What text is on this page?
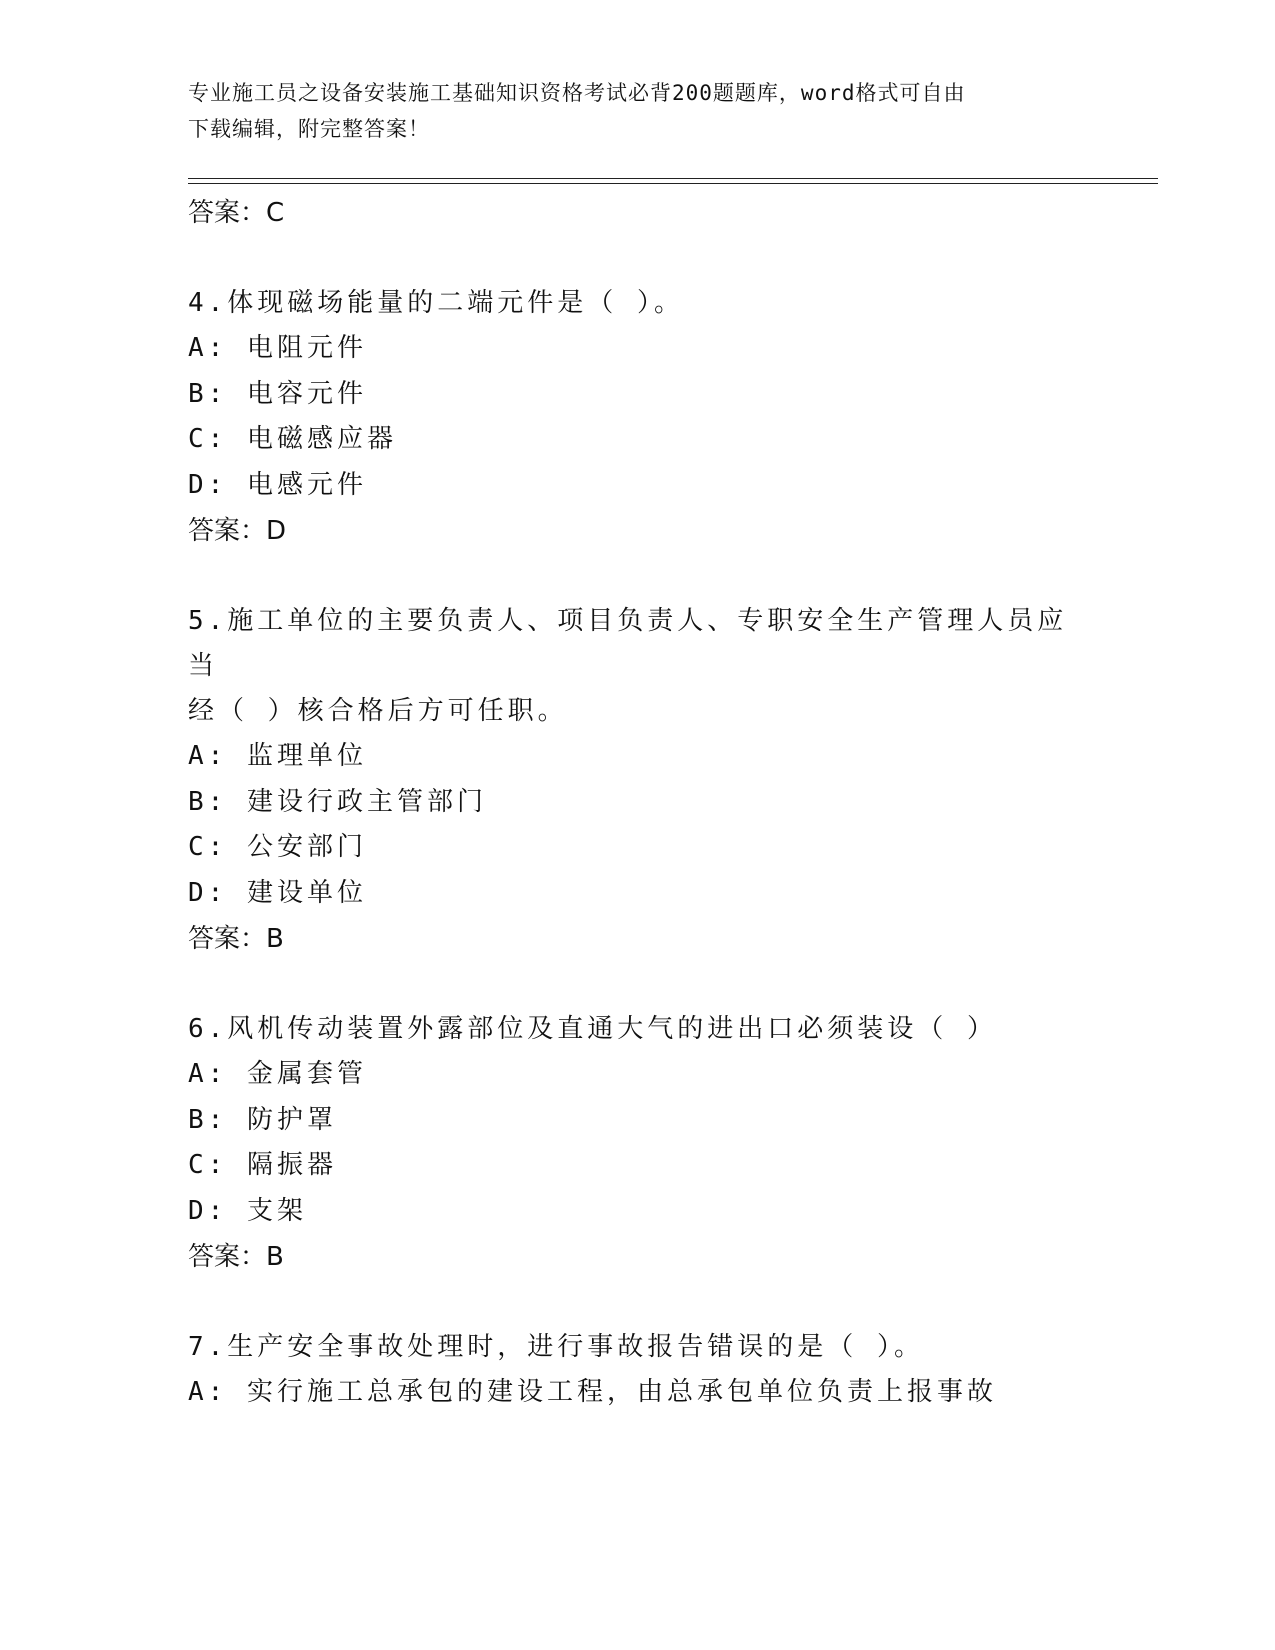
专业施工员之设备安装施工基础知识资格考试必背200题题库，word格式可自由
下载编辑，附完整答案！
答案：C
4.体现磁场能量的二端元件是（ ）。
A: 电阻元件
B: 电容元件
C: 电磁感应器
D: 电感元件
答案：D
5.施工单位的主要负责人、项目负责人、专职安全生产管理人员应当
经（ ）核合格后方可任职。
A: 监理单位
B: 建设行政主管部门
C: 公安部门
D: 建设单位
答案：B
6.风机传动装置外露部位及直通大气的进出口必须装设（ ）
A: 金属套管
B: 防护罩
C: 隔振器
D: 支架
答案：B
7.生产安全事故处理时，进行事故报告错误的是（ ）。
A: 实行施工总承包的建设工程，由总承包单位负责上报事故
